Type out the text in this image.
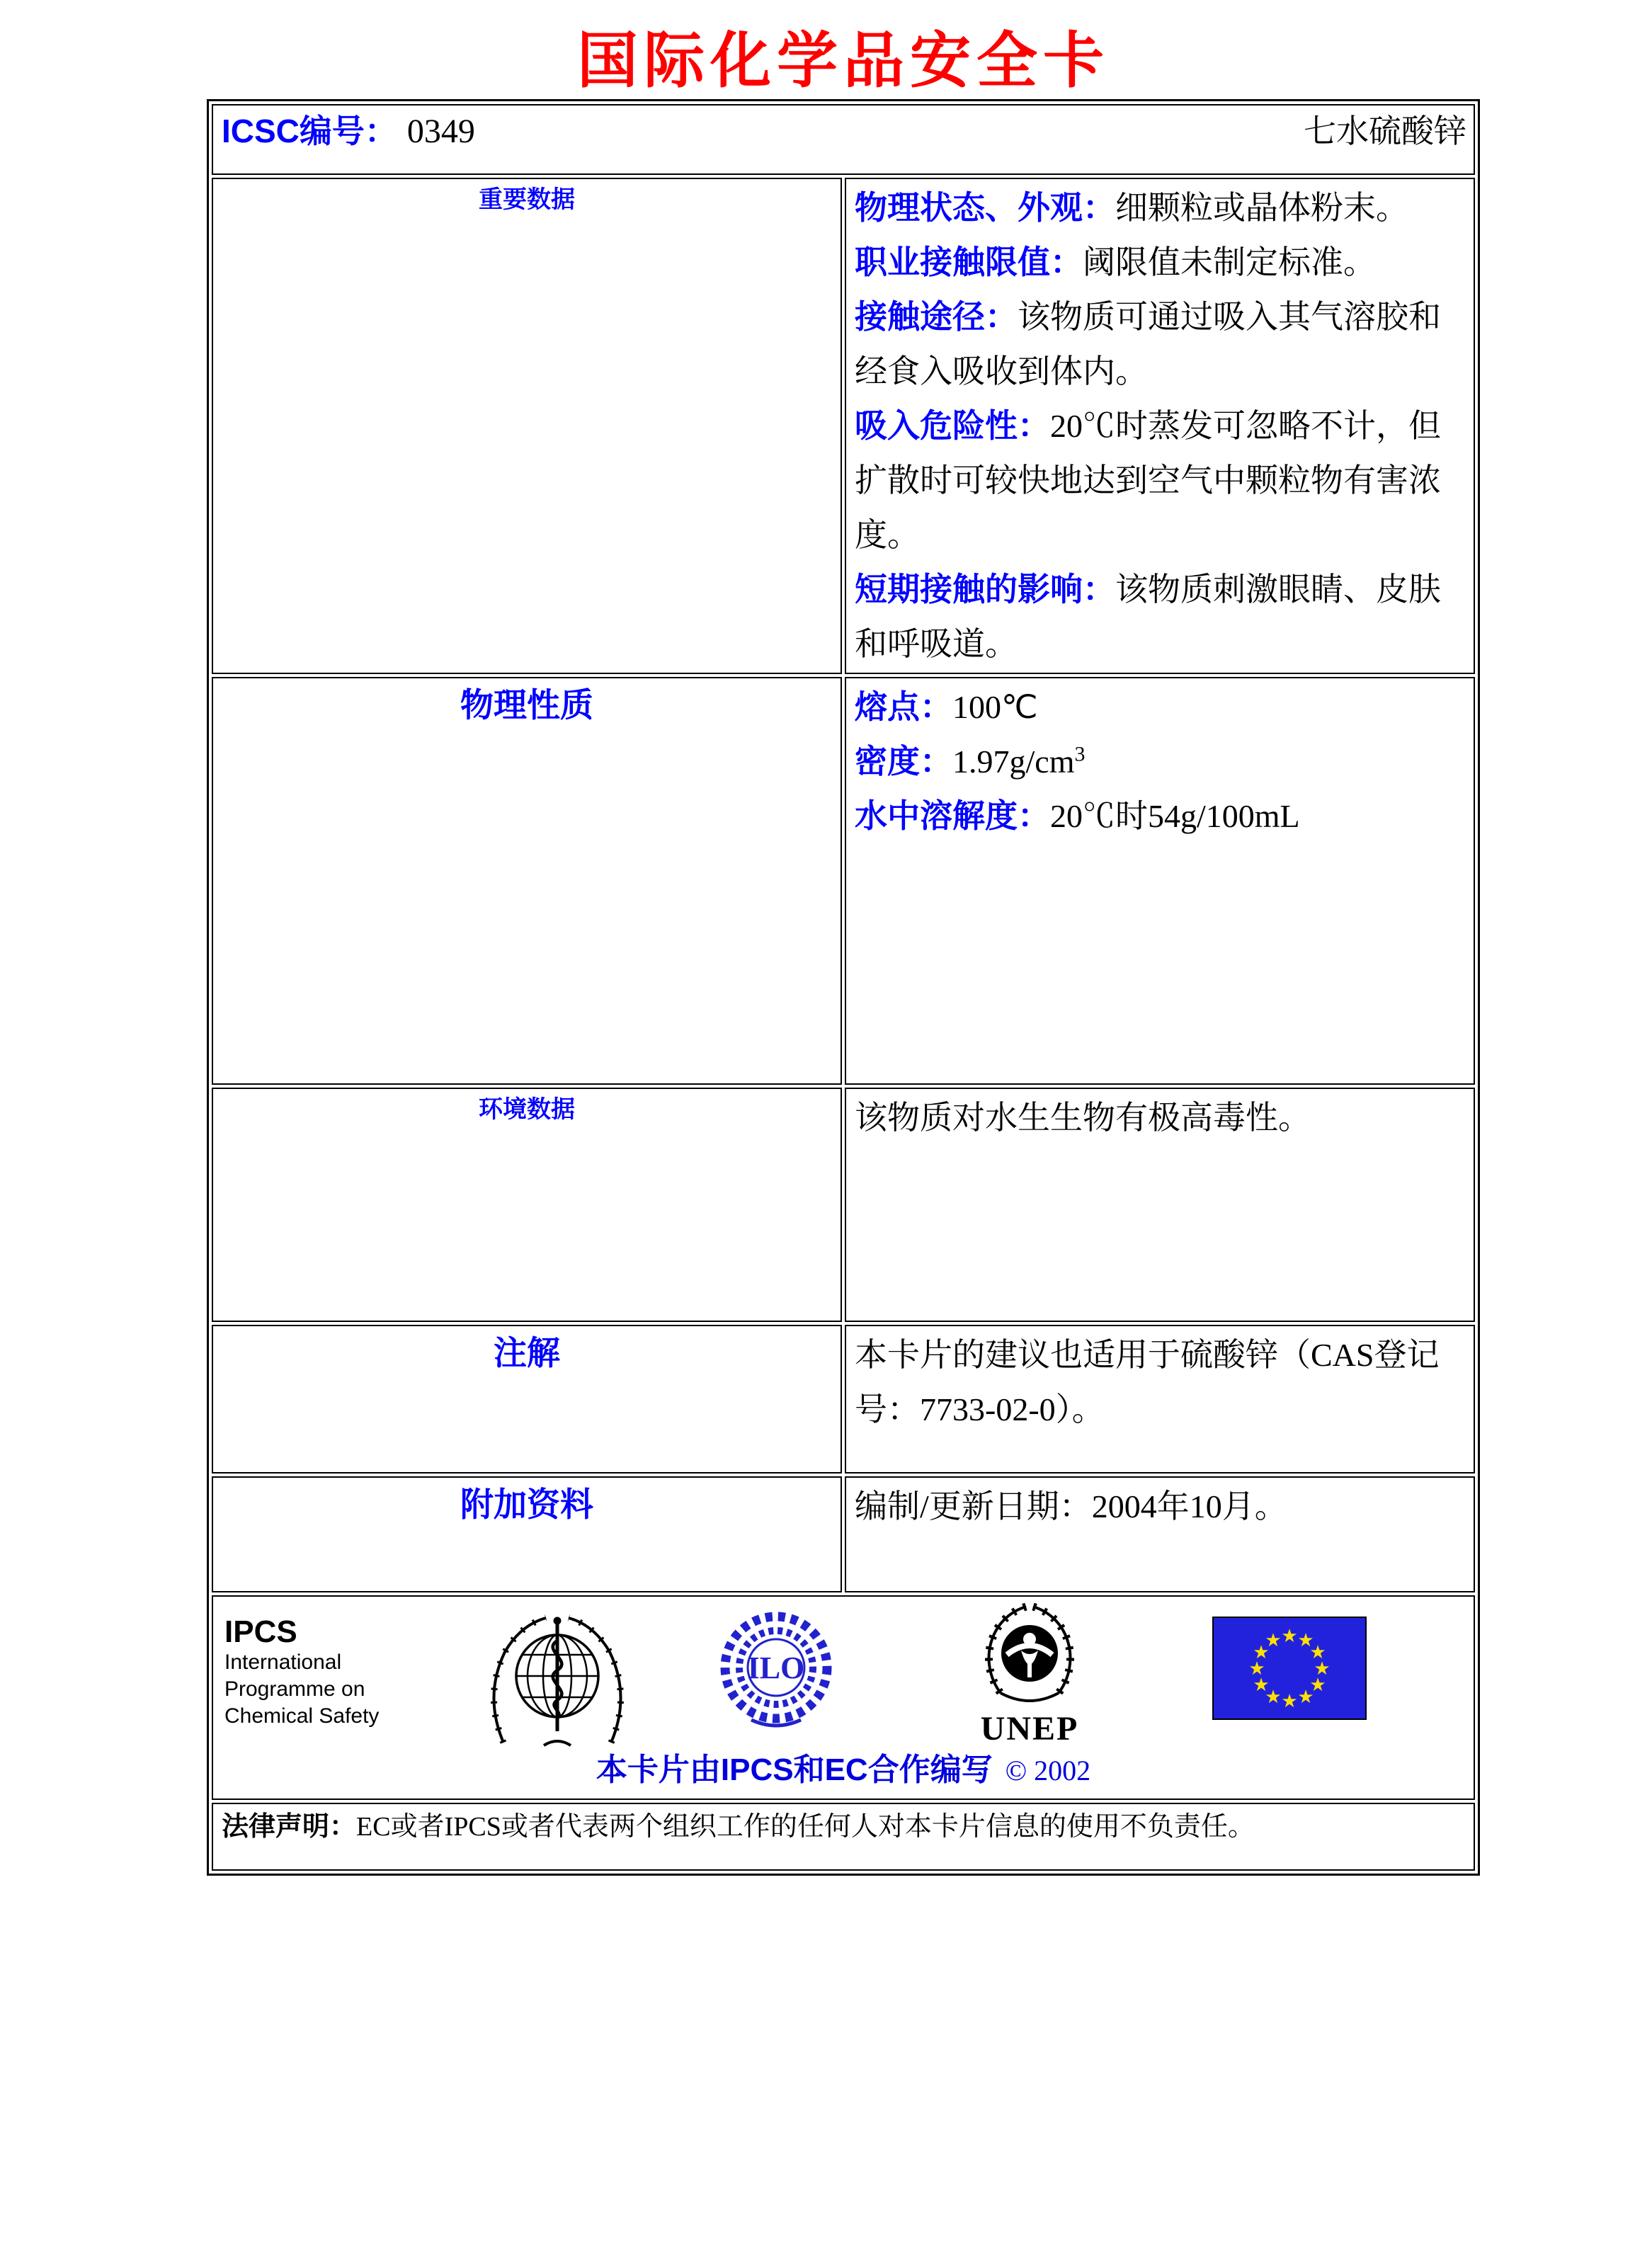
国际化学品安全卡
ICSC编号： 0349 七水硫酸锌	

重要数据	物理状态、外观：细颗粒或晶体粉末。
职业接触限值：阈限值未制定标准。
接触途径：该物质可通过吸入其气溶胶和经食入吸收到体内。
吸入危险性：20℃时蒸发可忽略不计，但扩散时可较快地达到空气中颗粒物有害浓度。
短期接触的影响：该物质刺激眼睛、皮肤和呼吸道。

物理性质	熔点：100℃
密度：$1.97g/cm^3$
水中溶解度：20℃时54g/100mL

环境数据	该物质对水生生物有极高毒性。

注解	本卡片的建议也适用于硫酸锌（CAS登记号：7733-02-0）。

附加资料	编制/更新日期：2004年10月。

IPCS
International
Programme on
Chemical Safety
ILO
UNEP
★ ★
★
★
★
★
★
★
★
★
★
★
本卡片由IPCS和EC合作编写 © 2002

法律声明：EC或者IPCS或者代表两个组织工作的任何人对本卡片信息的使用不负责任。	
